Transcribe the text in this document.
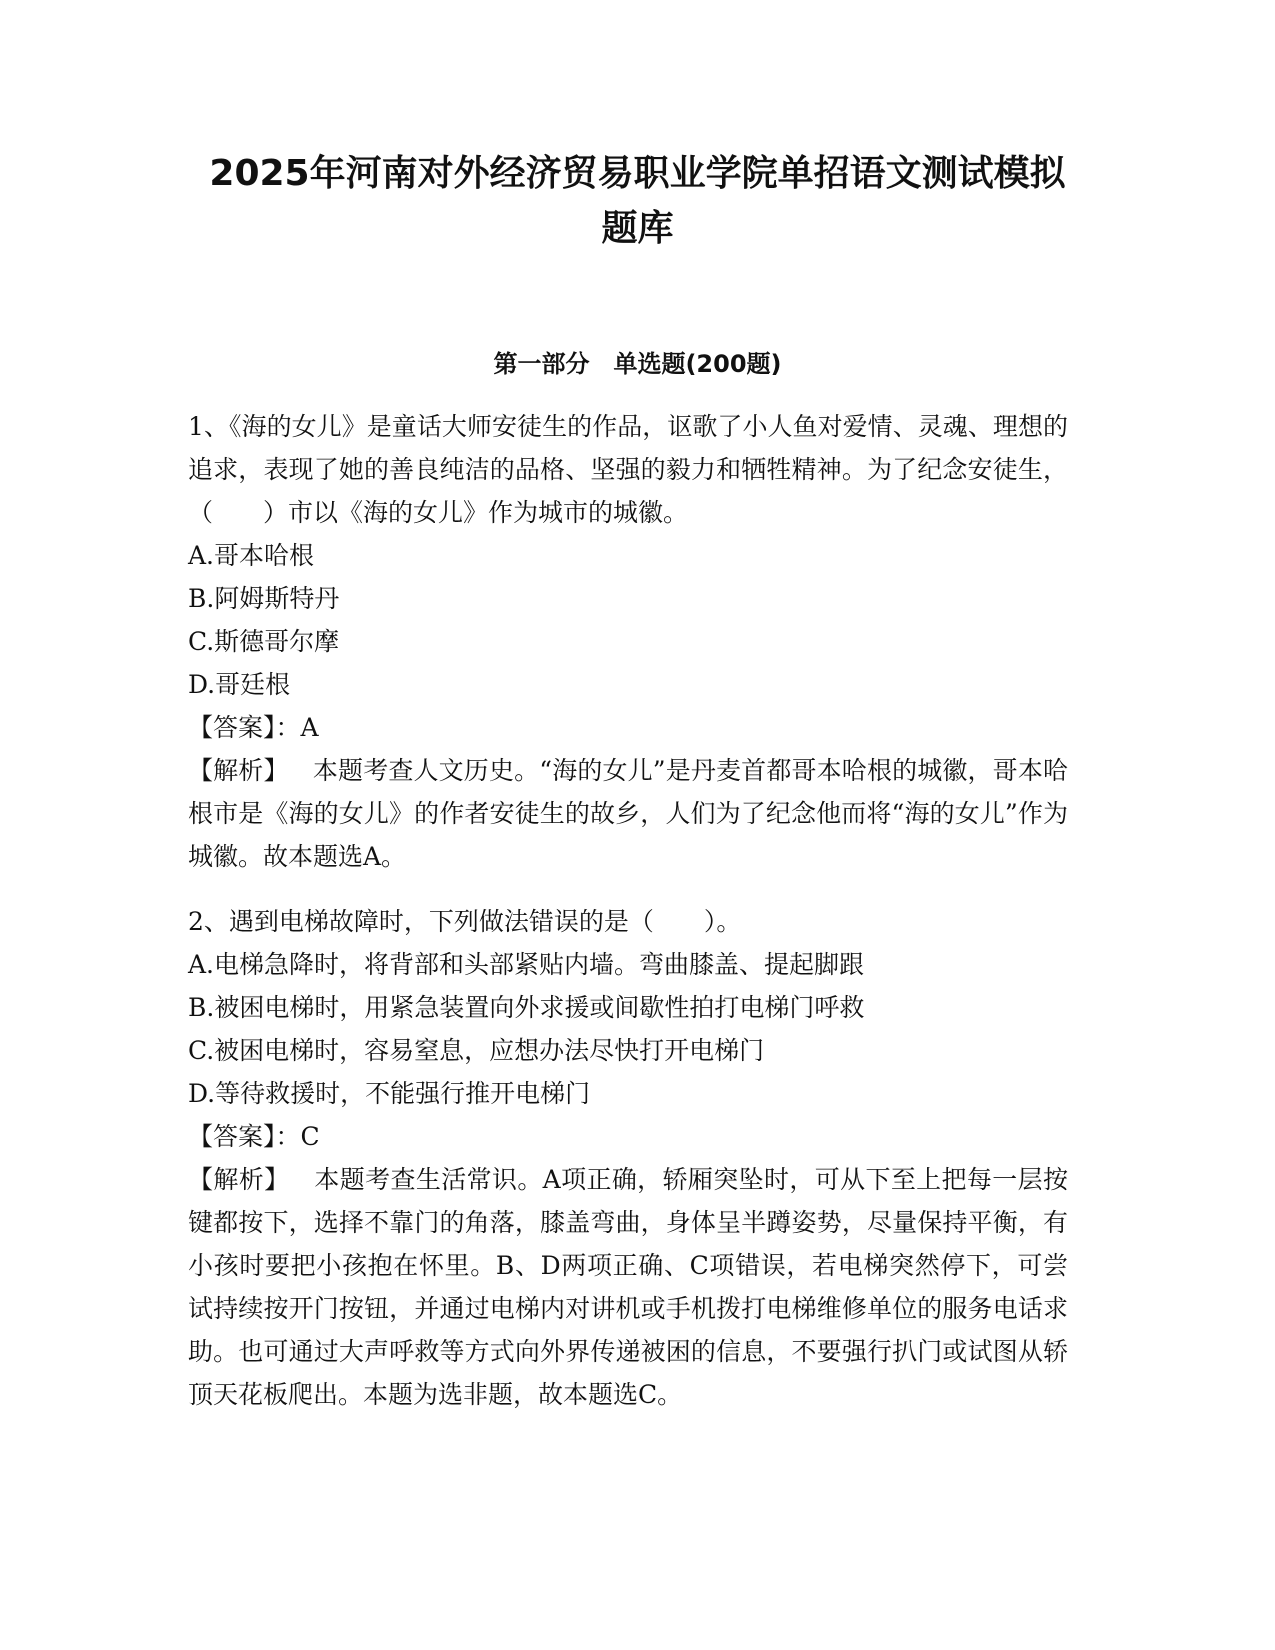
2025年河南对外经济贸易职业学院单招语文测试模拟
题库
第一部分　单选题(200题)

1、《海的女儿》是童话大师安徒生的作品，讴歌了小人鱼对爱情、灵魂、理想的追求，表现了她的善良纯洁的品格、坚强的毅力和牺牲精神。为了纪念安徒生，（　　）市以《海的女儿》作为城市的城徽。

A.哥本哈根

B.阿姆斯特丹

C.斯德哥尔摩

D.哥廷根

【答案】：A

【解析】 本题考查人文历史。“海的女儿”是丹麦首都哥本哈根的城徽，哥本哈根市是《海的女儿》的作者安徒生的故乡，人们为了纪念他而将“海的女儿”作为城徽。故本题选A。

2、遇到电梯故障时，下列做法错误的是（　　）。

A.电梯急降时，将背部和头部紧贴内墙。弯曲膝盖、提起脚跟

B.被困电梯时，用紧急装置向外求援或间歇性拍打电梯门呼救

C.被困电梯时，容易窒息，应想办法尽快打开电梯门

D.等待救援时，不能强行推开电梯门

【答案】：C

【解析】 本题考查生活常识。A项正确，轿厢突坠时，可从下至上把每一层按键都按下，选择不靠门的角落，膝盖弯曲，身体呈半蹲姿势，尽量保持平衡，有小孩时要把小孩抱在怀里。B、D两项正确、C项错误，若电梯突然停下，可尝试持续按开门按钮，并通过电梯内对讲机或手机拨打电梯维修单位的服务电话求助。也可通过大声呼救等方式向外界传递被困的信息，不要强行扒门或试图从轿顶天花板爬出。本题为选非题，故本题选C。
